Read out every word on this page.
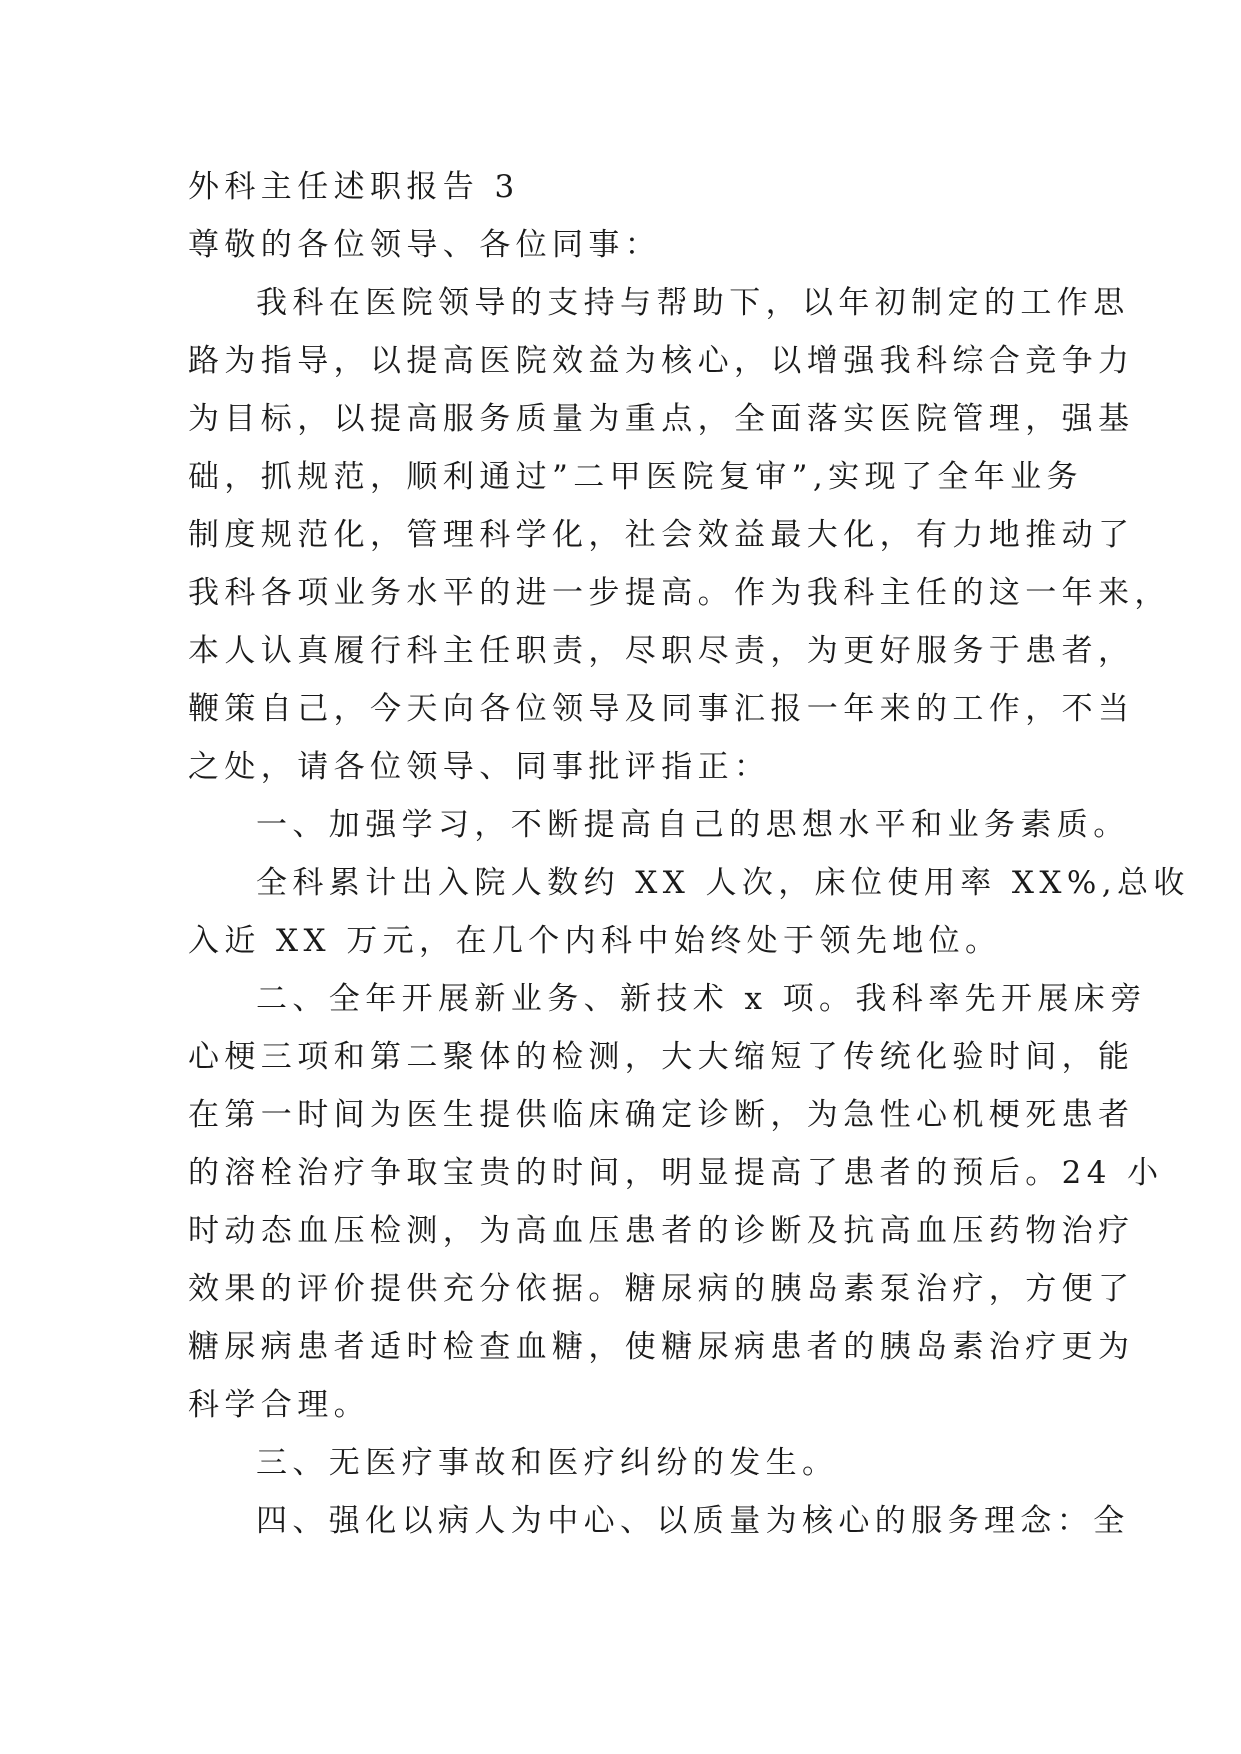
外科主任述职报告 3
尊敬的各位领导、各位同事：
我科在医院领导的支持与帮助下，以年初制定的工作思
路为指导，以提高医院效益为核心，以增强我科综合竞争力
为目标，以提高服务质量为重点，全面落实医院管理，强基
础，抓规范，顺利通过”二甲医院复审”,实现了全年业务
制度规范化，管理科学化，社会效益最大化，有力地推动了
我科各项业务水平的进一步提高。作为我科主任的这一年来，
本人认真履行科主任职责，尽职尽责，为更好服务于患者，
鞭策自己，今天向各位领导及同事汇报一年来的工作，不当
之处，请各位领导、同事批评指正：
一、加强学习，不断提高自己的思想水平和业务素质。
全科累计出入院人数约 XX 人次，床位使用率 XX%,总收
入近 XX 万元，在几个内科中始终处于领先地位。
二、全年开展新业务、新技术 x 项。我科率先开展床旁
心梗三项和第二聚体的检测，大大缩短了传统化验时间，能
在第一时间为医生提供临床确定诊断，为急性心机梗死患者
的溶栓治疗争取宝贵的时间，明显提高了患者的预后。24 小
时动态血压检测，为高血压患者的诊断及抗高血压药物治疗
效果的评价提供充分依据。糖尿病的胰岛素泵治疗，方便了
糖尿病患者适时检查血糖，使糖尿病患者的胰岛素治疗更为
科学合理。
三、无医疗事故和医疗纠纷的发生。
四、强化以病人为中心、以质量为核心的服务理念：全
